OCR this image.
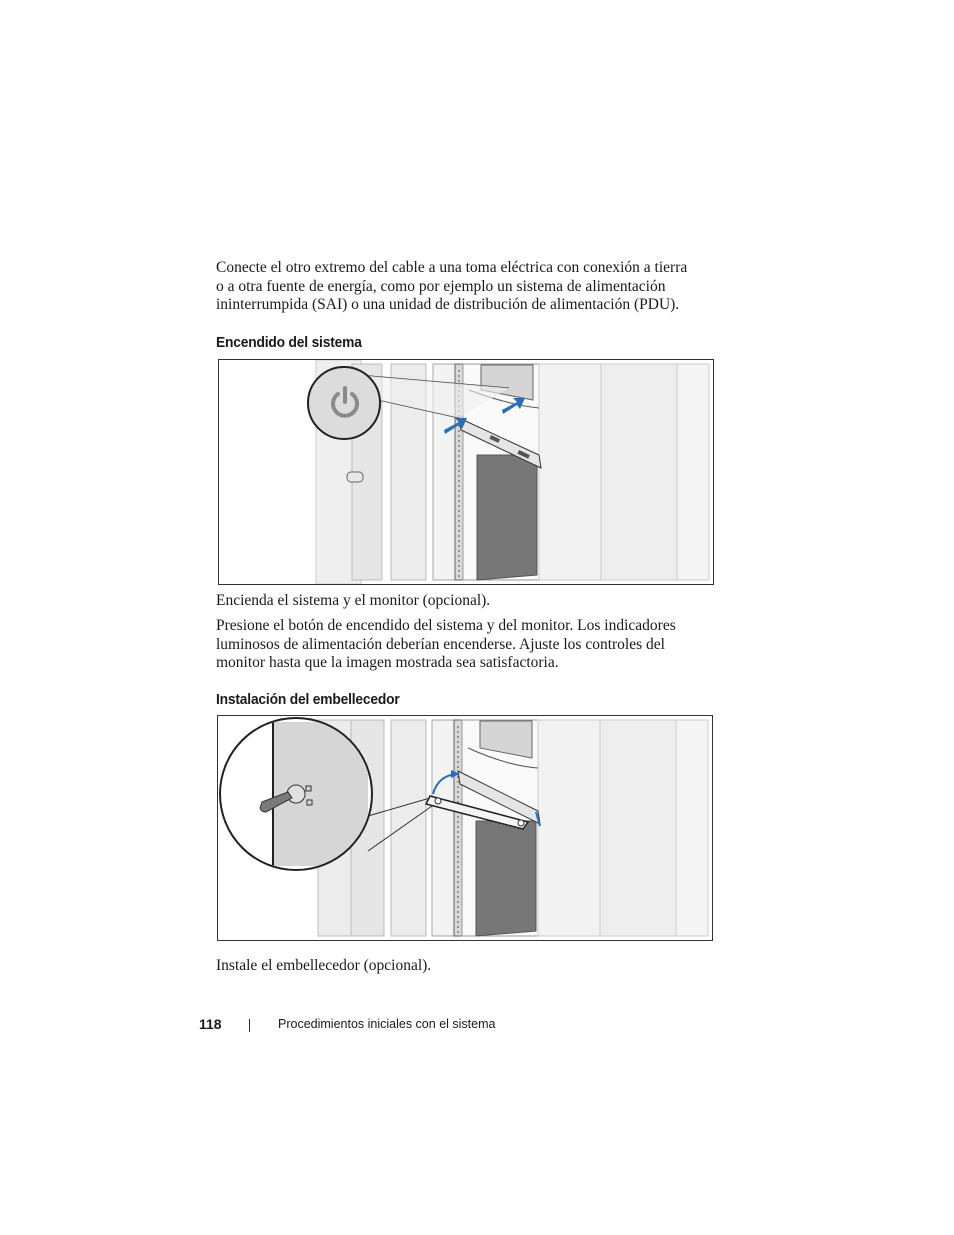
Conecte el otro extremo del cable a una toma eléctrica con conexión a tierra
o a otra fuente de energía, como por ejemplo un sistema de alimentación
ininterrumpida (SAI) o una unidad de distribución de alimentación (PDU).
Encendido del sistema

Encienda el sistema y el monitor (opcional).

Presione el botón de encendido del sistema y del monitor. Los indicadores
luminosos de alimentación deberían encenderse. Ajuste los controles del
monitor hasta que la imagen mostrada sea satisfactoria.
Instalación del embellecedor

Instale el embellecedor (opcional).

118	Procedimientos iniciales con el sistema
